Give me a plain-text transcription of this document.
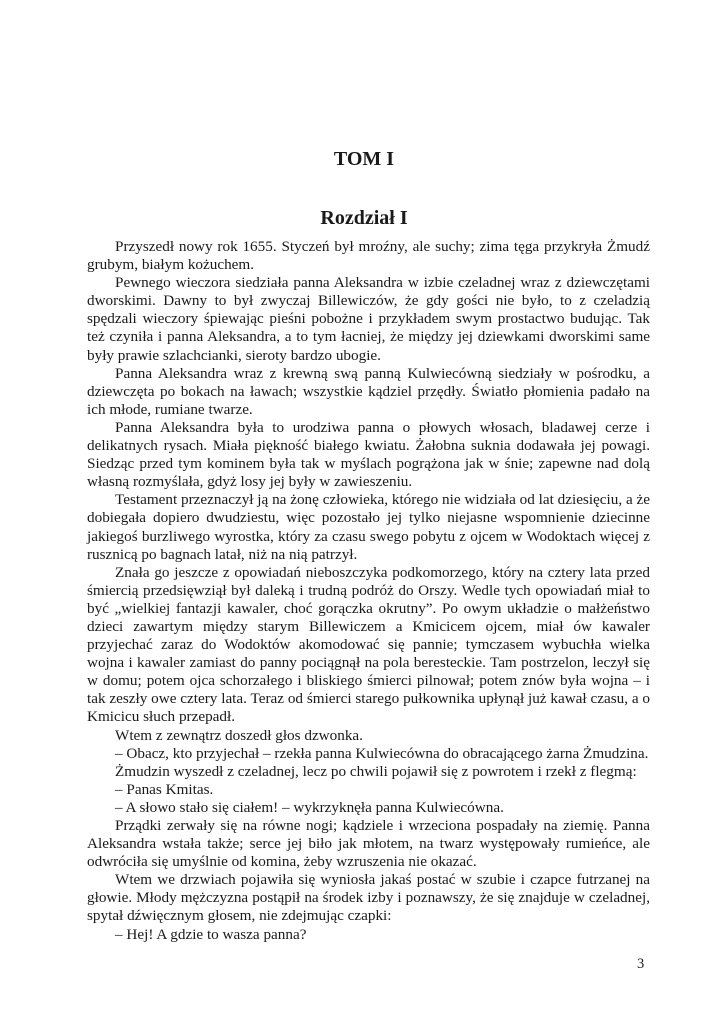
TOM I
Rozdział I

Przyszedł nowy rok 1655. Styczeń był mroźny, ale suchy; zima tęga przykryła Żmudź grubym, białym kożuchem.

Pewnego wieczora siedziała panna Aleksandra w izbie czeladnej wraz z dziewczętami dworskimi. Dawny to był zwyczaj Billewiczów, że gdy gości nie było, to z czeladzią spędzali wieczory śpiewając pieśni pobożne i przykładem swym prostactwo budując. Tak też czyniła i panna Aleksandra, a to tym łacniej, że między jej dziewkami dworskimi same były prawie szlachcianki, sieroty bardzo ubogie.

Panna Aleksandra wraz z krewną swą panną Kulwiecówną siedziały w pośrodku, a dziewczęta po bokach na ławach; wszystkie kądziel przędły. Światło płomienia padało na ich młode, rumiane twarze.

Panna Aleksandra była to urodziwa panna o płowych włosach, bladawej cerze i delikatnych rysach. Miała piękność białego kwiatu. Żałobna suknia dodawała jej powagi. Siedząc przed tym kominem była tak w myślach pogrążona jak w śnie; zapewne nad dolą własną rozmyślała, gdyż losy jej były w zawieszeniu.

Testament przeznaczył ją na żonę człowieka, którego nie widziała od lat dziesięciu, a że dobiegała dopiero dwudziestu, więc pozostało jej tylko niejasne wspomnienie dziecinne jakiegoś burzliwego wyrostka, który za czasu swego pobytu z ojcem w Wodoktach więcej z rusznicą po bagnach latał, niż na nią patrzył.

Znała go jeszcze z opowiadań nieboszczyka podkomorzego, który na cztery lata przed śmiercią przedsięwziął był daleką i trudną podróż do Orszy. Wedle tych opowiadań miał to być „wielkiej fantazji kawaler, choć gorączka okrutny”. Po owym układzie o małżeństwo dzieci zawartym między starym Billewiczem a Kmicicem ojcem, miał ów kawaler przyjechać zaraz do Wodoktów akomodować się pannie; tymczasem wybuchła wielka wojna i kawaler zamiast do panny pociągnął na pola beresteckie. Tam postrzelon, leczył się w domu; potem ojca schorzałego i bliskiego śmierci pilnował; potem znów była wojna – i tak zeszły owe cztery lata. Teraz od śmierci starego pułkownika upłynął już kawał czasu, a o Kmicicu słuch przepadł.

Wtem z zewnątrz doszedł głos dzwonka.

– Obacz, kto przyjechał – rzekła panna Kulwiecówna do obracającego żarna Żmudzina.

Żmudzin wyszedł z czeladnej, lecz po chwili pojawił się z powrotem i rzekł z flegmą:

– Panas Kmitas.

– A słowo stało się ciałem! – wykrzyknęła panna Kulwiecówna.

Prządki zerwały się na równe nogi; kądziele i wrzeciona pospadały na ziemię. Panna Aleksandra wstała także; serce jej biło jak młotem, na twarz występowały rumieńce, ale odwróciła się umyślnie od komina, żeby wzruszenia nie okazać.

Wtem we drzwiach pojawiła się wyniosła jakaś postać w szubie i czapce futrzanej na głowie. Młody mężczyzna postąpił na środek izby i poznawszy, że się znajduje w czeladnej, spytał dźwięcznym głosem, nie zdejmując czapki:

– Hej! A gdzie to wasza panna?

3
